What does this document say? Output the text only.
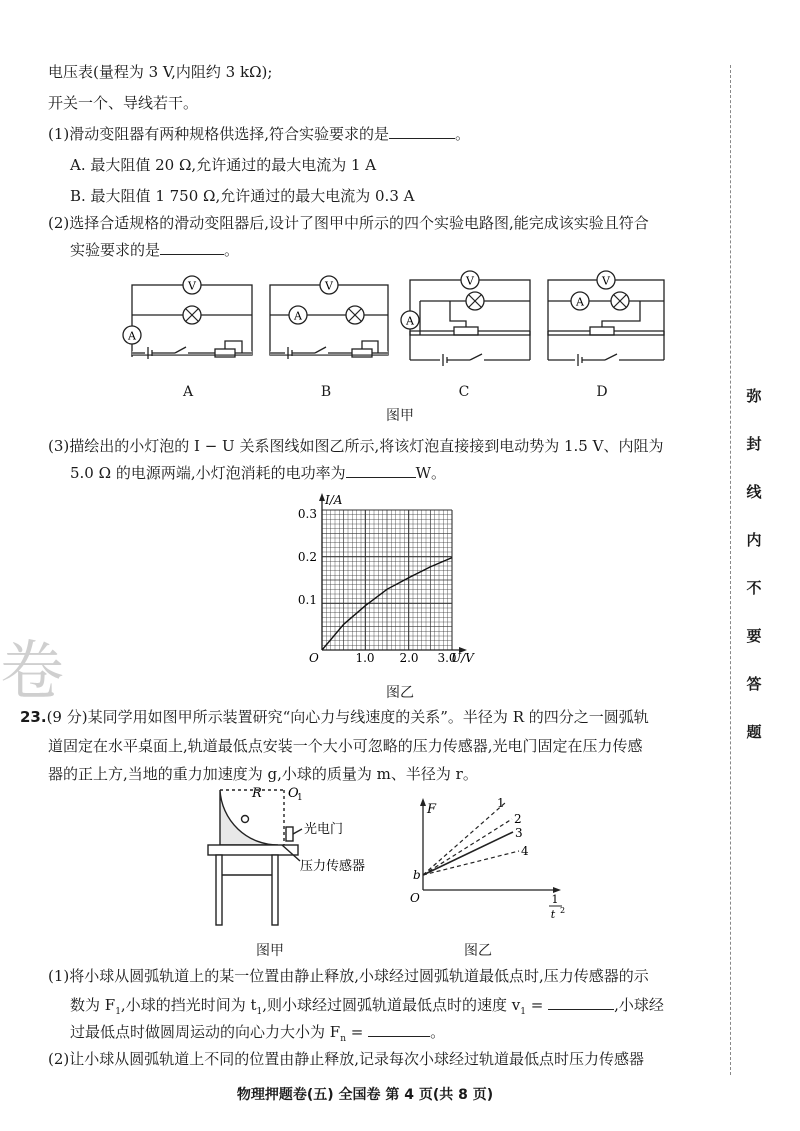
电压表(量程为 3 V,内阻约 3 kΩ);
开关一个、导线若干。
(1)滑动变阻器有两种规格供选择,符合实验要求的是	。
A. 最大阻值 20 Ω,允许通过的最大电流为 1 A
B. 最大阻值 1 750 Ω,允许通过的最大电流为 0.3 A
(2)选择合适规格的滑动变阻器后,设计了图甲中所示的四个实验电路图,能完成该实验且符合
实验要求的是	。
V
A
V
A
V
A
V
A
A	B	C	D
图甲
(3)描绘出的小灯泡的 I − U 关系图线如图乙所示,将该灯泡直接接到电动势为 1.5 V、内阻为
5.0 Ω 的电源两端,小灯泡消耗的电功率为	W。
I/A
U/V
O
0.1
0.2
0.3
1.0 2.0 3.0
图乙
卷
23.(9 分)某同学用如图甲所示装置研究“向心力与线速度的关系”。半径为 R 的四分之一圆弧轨
道固定在水平桌面上,轨道最低点安装一个大小可忽略的压力传感器,光电门固定在压力传感
器的正上方,当地的重力加速度为 g,小球的质量为 m、半径为 r。
R O
1
光电门
压力传感器
图甲
F
b
O
1
2
3
4
1
t 2
图乙
(1)将小球从圆弧轨道上的某一位置由静止释放,小球经过圆弧轨道最低点时,压力传感器的示
数为 $F_1$,小球的挡光时间为 $t_1$,则小球经过圆弧轨道最低点时的速度 $v_1$ =	,小球经
过最低点时做圆周运动的向心力大小为 $F_n$ =	。
(2)让小球从圆弧轨道上不同的位置由静止释放,记录每次小球经过轨道最低点时压力传感器
物理押题卷(五) 全国卷 第 4 页(共 8 页)
弥
封
线
内
不
要
答
题
